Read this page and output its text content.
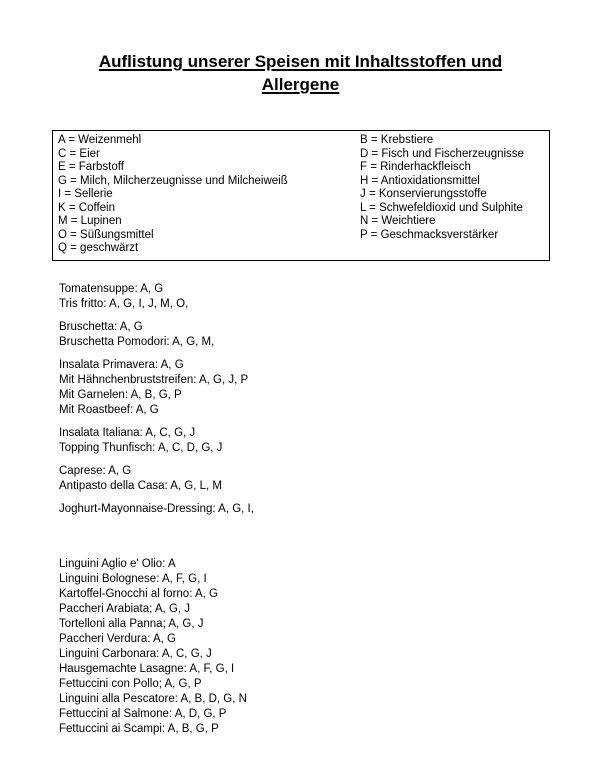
Auflistung unserer Speisen mit Inhaltsstoffen und
Allergene
A = Weizenmehl	B = Krebstiere
C = Eier	D = Fisch und Fischerzeugnisse
E = Farbstoff	F = Rinderhackfleisch
G = Milch, Milcherzeugnisse und Milcheiweiß	H = Antioxidationsmittel
I = Sellerie	J = Konservierungsstoffe
K = Coffein	L = Schwefeldioxid und Sulphite
M = Lupinen	N = Weichtiere
O = Süßungsmittel	P = Geschmacksverstärker
Q = geschwärzt

Tomatensuppe: A, G

Tris fritto: A, G, I, J, M, O,

Bruschetta: A, G

Bruschetta Pomodori: A, G, M,

Insalata Primavera: A, G

Mit Hähnchenbruststreifen: A, G, J, P

Mit Garnelen: A, B, G, P

Mit Roastbeef: A, G

Insalata Italiana: A, C, G, J

Topping Thunfisch: A, C, D, G, J

Caprese: A, G

Antipasto della Casa: A, G, L, M

Joghurt-Mayonnaise-Dressing: A, G, I,

Linguini Aglio e' Olio: A

Linguini Bolognese: A, F, G, I

Kartoffel-Gnocchi al forno: A, G

Paccheri Arabiata; A, G, J

Tortelloni alla Panna; A, G, J

Paccheri Verdura: A, G

Linguini Carbonara: A, C, G, J

Hausgemachte Lasagne: A, F, G, I

Fettuccini con Pollo; A, G, P

Linguini alla Pescatore: A, B, D, G, N

Fettuccini al Salmone: A, D, G, P

Fettuccini ai Scampi: A, B, G, P
